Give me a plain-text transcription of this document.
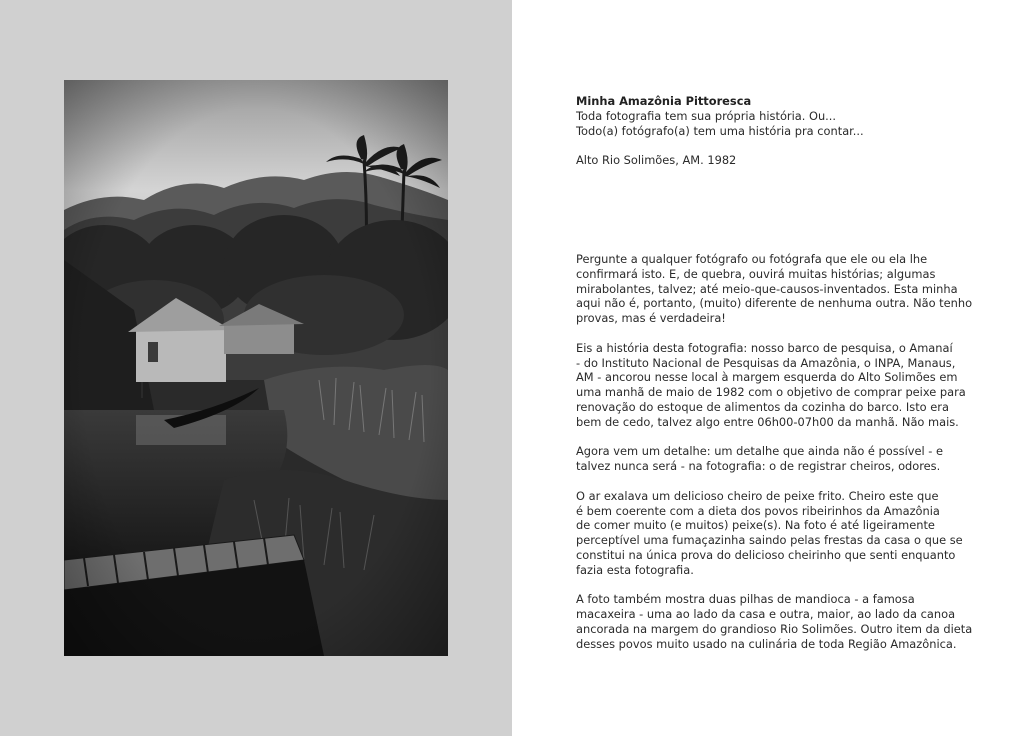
Minha Amazônia Pittoresca

Toda fotografia tem sua própria história. Ou...

Todo(a) fotógrafo(a) tem uma história pra contar...

Alto Rio Solimões, AM. 1982

Pergunte a qualquer fotógrafo ou fotógrafa que ele ou ela lhe

confirmará isto. E, de quebra, ouvirá muitas histórias; algumas

mirabolantes, talvez; até meio-que-causos-inventados. Esta minha

aqui não é, portanto, (muito) diferente de nenhuma outra. Não tenho

provas, mas é verdadeira!

Eis a história desta fotografia: nosso barco de pesquisa, o Amanaí

- do Instituto Nacional de Pesquisas da Amazônia, o INPA, Manaus,

AM - ancorou nesse local à margem esquerda do Alto Solimões em

uma manhã de maio de 1982 com o objetivo de comprar peixe para

renovação do estoque de alimentos da cozinha do barco. Isto era

bem de cedo, talvez algo entre 06h00-07h00 da manhã. Não mais.

Agora vem um detalhe: um detalhe que ainda não é possível - e

talvez nunca será - na fotografia: o de registrar cheiros, odores.

O ar exalava um delicioso cheiro de peixe frito. Cheiro este que

é bem coerente com a dieta dos povos ribeirinhos da Amazônia

de comer muito (e muitos) peixe(s). Na foto é até ligeiramente

perceptível uma fumaçazinha saindo pelas frestas da casa o que se

constitui na única prova do delicioso cheirinho que senti enquanto

fazia esta fotografia.

A foto também mostra duas pilhas de mandioca - a famosa

macaxeira - uma ao lado da casa e outra, maior, ao lado da canoa

ancorada na margem do grandioso Rio Solimões. Outro item da dieta

desses povos muito usado na culinária de toda Região Amazônica.
